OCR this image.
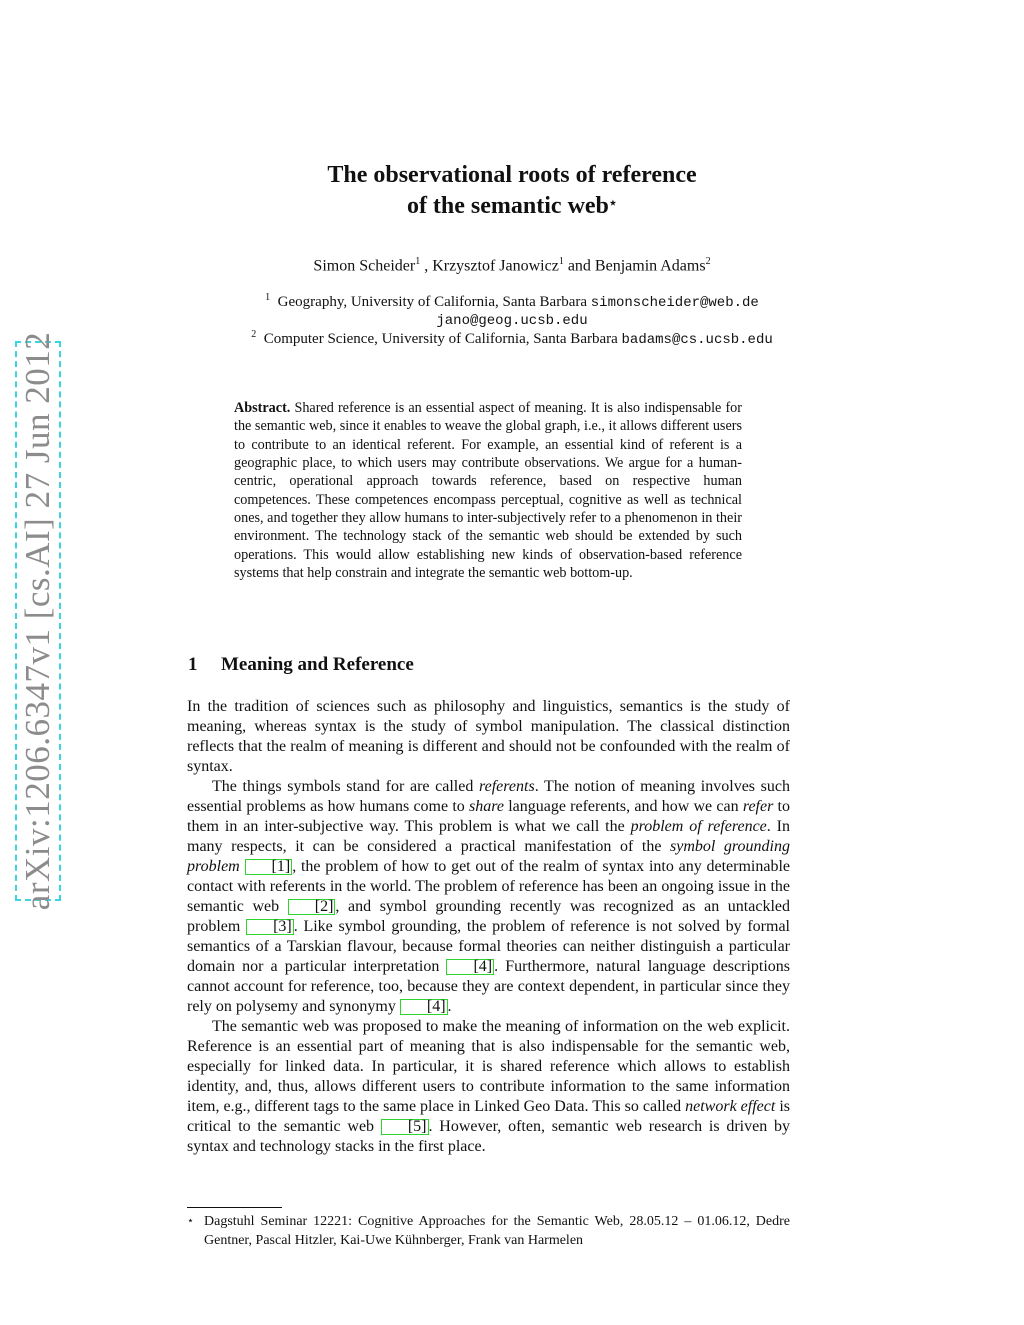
arXiv:1206.6347v1 [cs.AI] 27 Jun 2012
The observational roots of reference
of the semantic web⋆
Simon Scheider$^1$ , Krzysztof Janowicz$^1$ and Benjamin Adams$^2$
$^1$ Geography, University of California, Santa Barbara simonscheider@web.de
jano@geog.ucsb.edu
$^2$ Computer Science, University of California, Santa Barbara badams@cs.ucsb.edu
Abstract. Shared reference is an essential aspect of meaning. It is also indispensable for the semantic web, since it enables to weave the global graph, i.e., it allows different users to contribute to an identical referent. For example, an essential kind of referent is a geographic place, to which users may contribute observations. We argue for a human-centric, operational approach towards reference, based on respective human competences. These competences encompass perceptual, cognitive as well as technical ones, and together they allow humans to inter-subjectively refer to a phenomenon in their environment. The technology stack of the semantic web should be extended by such operations. This would allow establishing new kinds of observation-based reference systems that help constrain and integrate the semantic web bottom-up.
1 Meaning and Reference

In the tradition of sciences such as philosophy and linguistics, semantics is the study of meaning, whereas syntax is the study of symbol manipulation. The classical distinction reflects that the realm of meaning is different and should not be confounded with the realm of syntax.

The things symbols stand for are called referents. The notion of meaning involves such essential problems as how humans come to share language referents, and how we can refer to them in an inter-subjective way. This problem is what we call the problem of reference. In many respects, it can be considered a practical manifestation of the symbol grounding problem [1] , the problem of how to get out of the realm of syntax into any determinable contact with referents in the world. The problem of reference has been an ongoing issue in the semantic web [2] , and symbol grounding recently was recognized as an untackled problem [3] . Like symbol grounding, the problem of reference is not solved by formal semantics of a Tarskian flavour, because formal theories can neither distinguish a particular domain nor a particular interpretation [4] . Furthermore, natural language descriptions cannot account for reference, too, because they are context dependent, in particular since they rely on polysemy and synonymy [4] .

The semantic web was proposed to make the meaning of information on the web explicit. Reference is an essential part of meaning that is also indispensable for the semantic web, especially for linked data. In particular, it is shared reference which allows to establish identity, and, thus, allows different users to contribute information to the same information item, e.g., different tags to the same place in Linked Geo Data. This so called network effect is critical to the semantic web [5] . However, often, semantic web research is driven by syntax and technology stacks in the first place.

⋆ Dagstuhl Seminar 12221: Cognitive Approaches for the Semantic Web, 28.05.12 – 01.06.12, Dedre Gentner, Pascal Hitzler, Kai-Uwe Kühnberger, Frank van Harmelen
